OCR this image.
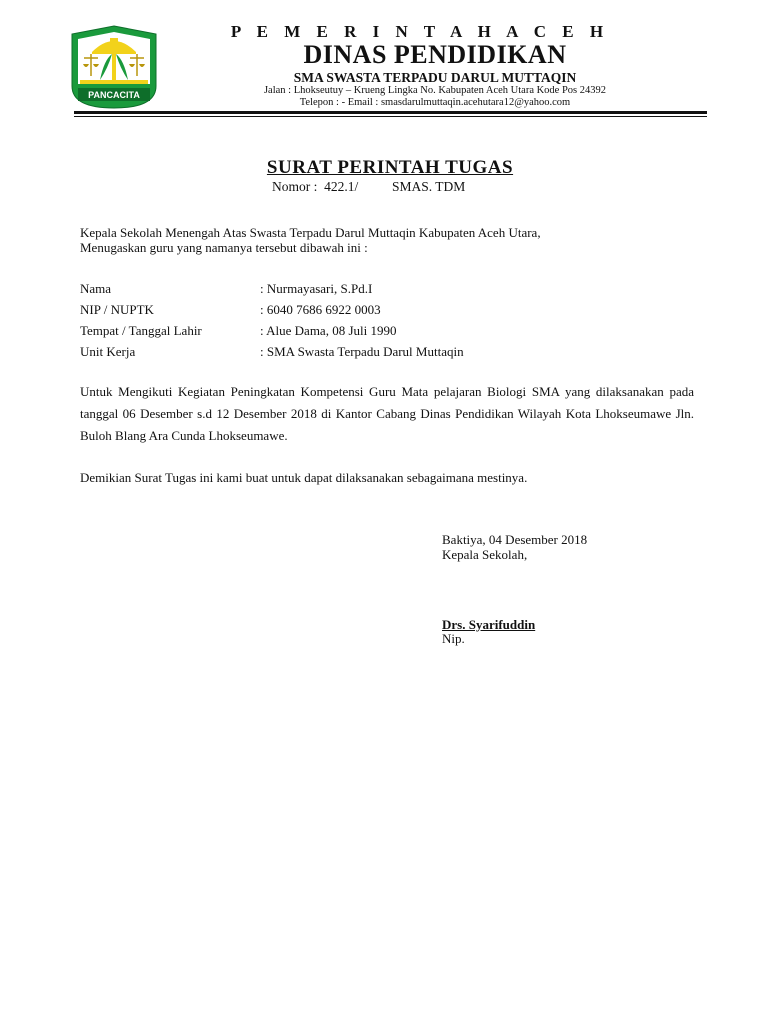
PANCACITA
P E M E R I N T A H A C E H
DINAS PENDIDIKAN
SMA SWASTA TERPADU DARUL MUTTAQIN
Jalan : Lhokseutuy – Krueng Lingka No. Kabupaten Aceh Utara Kode Pos 24392
Telepon : - Email : smasdarulmuttaqin.acehutara12@yahoo.com
SURAT PERINTAH TUGAS
Nomor :  422.1/          SMAS. TDM
Kepala Sekolah Menengah Atas Swasta Terpadu Darul Muttaqin Kabupaten Aceh Utara,
Menugaskan guru yang namanya tersebut dibawah ini :
Nama	: Nurmayasari, S.Pd.I
NIP / NUPTK	: 6040 7686 6922 0003
Tempat / Tanggal Lahir	: Alue Dama, 08 Juli 1990
Unit Kerja	: SMA Swasta Terpadu Darul Muttaqin
Untuk Mengikuti Kegiatan Peningkatan Kompetensi Guru Mata pelajaran Biologi SMA yang dilaksanakan pada tanggal 06 Desember s.d 12 Desember 2018 di Kantor Cabang Dinas Pendidikan Wilayah Kota Lhokseumawe Jln. Buloh Blang Ara Cunda Lhokseumawe.
Demikian Surat Tugas ini kami buat untuk dapat dilaksanakan sebagaimana mestinya.
Baktiya, 04 Desember 2018
Kepala Sekolah,
Drs. Syarifuddin
Nip.
